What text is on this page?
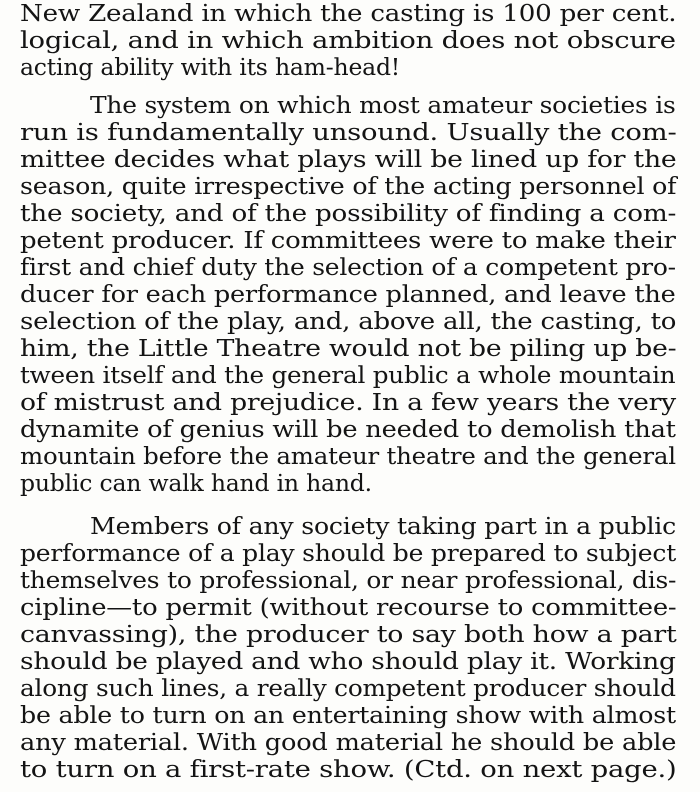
New Zealand in which the casting is 100 per cent.
logical, and in which ambition does not obscure
acting ability with its ham-head!
The system on which most amateur societies is
run is fundamentally unsound. Usually the com-
mittee decides what plays will be lined up for the
season, quite irrespective of the acting personnel of
the society, and of the possibility of finding a com-
petent producer. If committees were to make their
first and chief duty the selection of a competent pro-
ducer for each performance planned, and leave the
selection of the play, and, above all, the casting, to
him, the Little Theatre would not be piling up be-
tween itself and the general public a whole mountain
of mistrust and prejudice. In a few years the very
dynamite of genius will be needed to demolish that
mountain before the amateur theatre and the general
public can walk hand in hand.
Members of any society taking part in a public
performance of a play should be prepared to subject
themselves to professional, or near professional, dis-
cipline—to permit (without recourse to committee-
canvassing), the producer to say both how a part
should be played and who should play it. Working
along such lines, a really competent producer should
be able to turn on an entertaining show with almost
any material. With good material he should be able
to turn on a first-rate show. (Ctd. on next page.)
